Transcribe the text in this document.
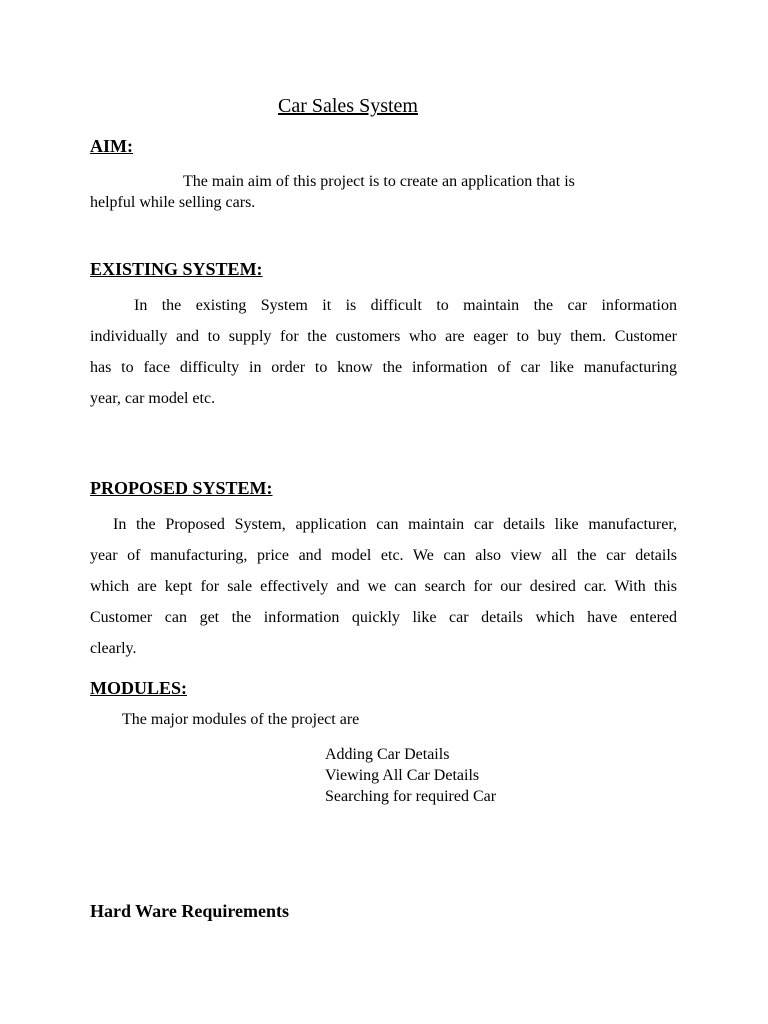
Car Sales System
AIM:
The main aim of this project is to create an application that is
helpful while selling cars.
EXISTING SYSTEM:
In the existing System it is difficult to maintain the car information
individually and to supply for the customers who are eager to buy them. Customer
has to face difficulty in order to know the information of car like manufacturing
year, car model etc.
PROPOSED SYSTEM:
In the Proposed System, application can maintain car details like manufacturer,
year of manufacturing, price and model etc. We can also view all the car details
which are kept for sale effectively and we can search for our desired car. With this
Customer can get the information quickly like car details which have entered
clearly.
MODULES:

The major modules of the project are

Adding Car Details
Viewing All Car Details
Searching for required Car
Hard Ware Requirements
